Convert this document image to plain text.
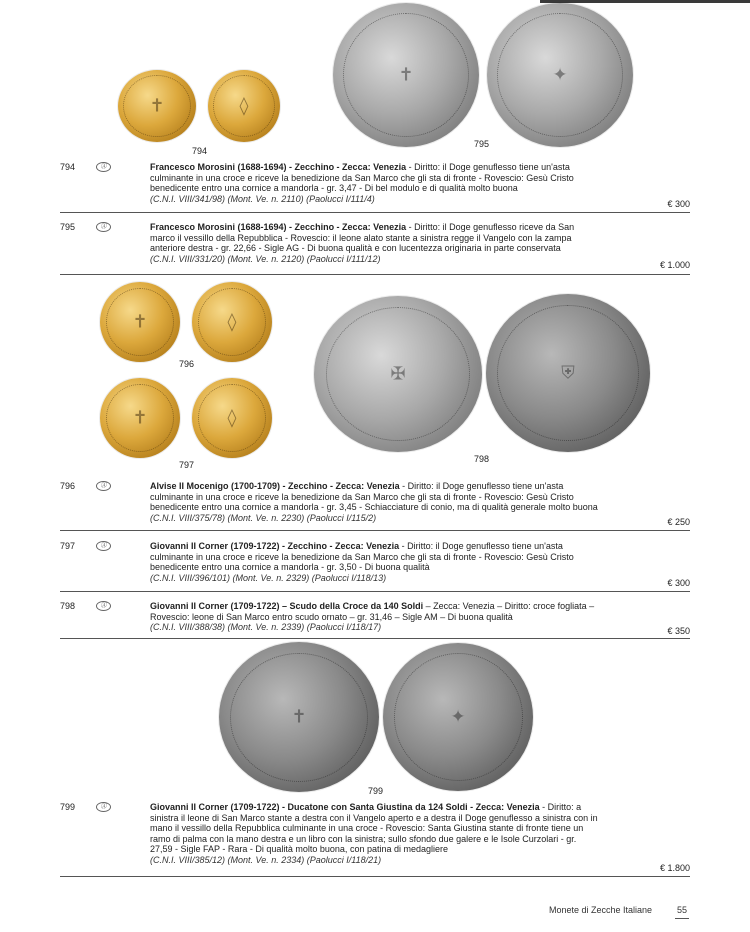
✝	◊
794
✝	✦
795
794	Ⓐ	Francesco Morosini (1688-1694) - Zecchino - Zecca: Venezia - Diritto: il Doge genuflesso tiene un'asta culminante in una croce e riceve la benedizione da San Marco che gli sta di fronte - Rovescio: Gesù Cristo benedicente entro una cornice a mandorla - gr. 3,47 - Di bel modulo e di qualità molto buona
(C.N.I. VIII/341/98) (Mont. Ve. n. 2110) (Paolucci I/111/4)
€ 300
795	Ⓐ	Francesco Morosini (1688-1694) - Zecchino - Zecca: Venezia - Diritto: il Doge genuflesso riceve da San marco il vessillo della Repubblica - Rovescio: il leone alato stante a sinistra regge il Vangelo con la zampa anteriore destra - gr. 22,66 - Sigle AG - Di buona qualità e con lucentezza originaria in parte conservata
(C.N.I. VIII/331/20) (Mont. Ve. n. 2120) (Paolucci I/111/12)
€ 1.000
✝	◊
796
✝	◊
797
✠	⛨
798
796	Ⓐ	Alvise II Mocenigo (1700-1709) - Zecchino - Zecca: Venezia - Diritto: il Doge genuflesso tiene un'asta culminante in una croce e riceve la benedizione da San Marco che gli sta di fronte - Rovescio: Gesù Cristo benedicente entro una cornice a mandorla - gr. 3,45 - Schiacciature di conio, ma di qualità generale molto buona
(C.N.I. VIII/375/78) (Mont. Ve. n. 2230) (Paolucci I/115/2)	€ 250
797	Ⓐ	Giovanni II Corner (1709-1722) - Zecchino - Zecca: Venezia - Diritto: il Doge genuflesso tiene un'asta culminante in una croce e riceve la benedizione da San Marco che gli sta di fronte - Rovescio: Gesù Cristo benedicente entro una cornice a mandorla - gr. 3,50 - Di buona qualità
(C.N.I. VIII/396/101) (Mont. Ve. n. 2329) (Paolucci I/118/13)
€ 300
798	Ⓐ	Giovanni II Corner (1709-1722) – Scudo della Croce da 140 Soldi – Zecca: Venezia – Diritto: croce fogliata – Rovescio: leone di San Marco entro scudo ornato – gr. 31,46 – Sigle AM – Di buona qualità
(C.N.I. VIII/388/38) (Mont. Ve. n. 2339) (Paolucci I/118/17)	€ 350
✝	✦
799
799	Ⓐ	Giovanni II Corner (1709-1722) - Ducatone con Santa Giustina da 124 Soldi - Zecca: Venezia - Diritto: a sinistra il leone di San Marco stante a destra con il Vangelo aperto e a destra il Doge genuflesso a sinistra con in mano il vessillo della Repubblica culminante in una croce - Rovescio: Santa Giustina stante di fronte tiene un ramo di palma con la mano destra e un libro con la sinistra; sullo sfondo due galere e le Isole Curzolari - gr. 27,59 - Sigle FAP - Rara - Di qualità molto buona, con patina di medagliere
(C.N.I. VIII/385/12) (Mont. Ve. n. 2334) (Paolucci I/118/21)
€ 1.800
Monete di Zecche Italiane	55
